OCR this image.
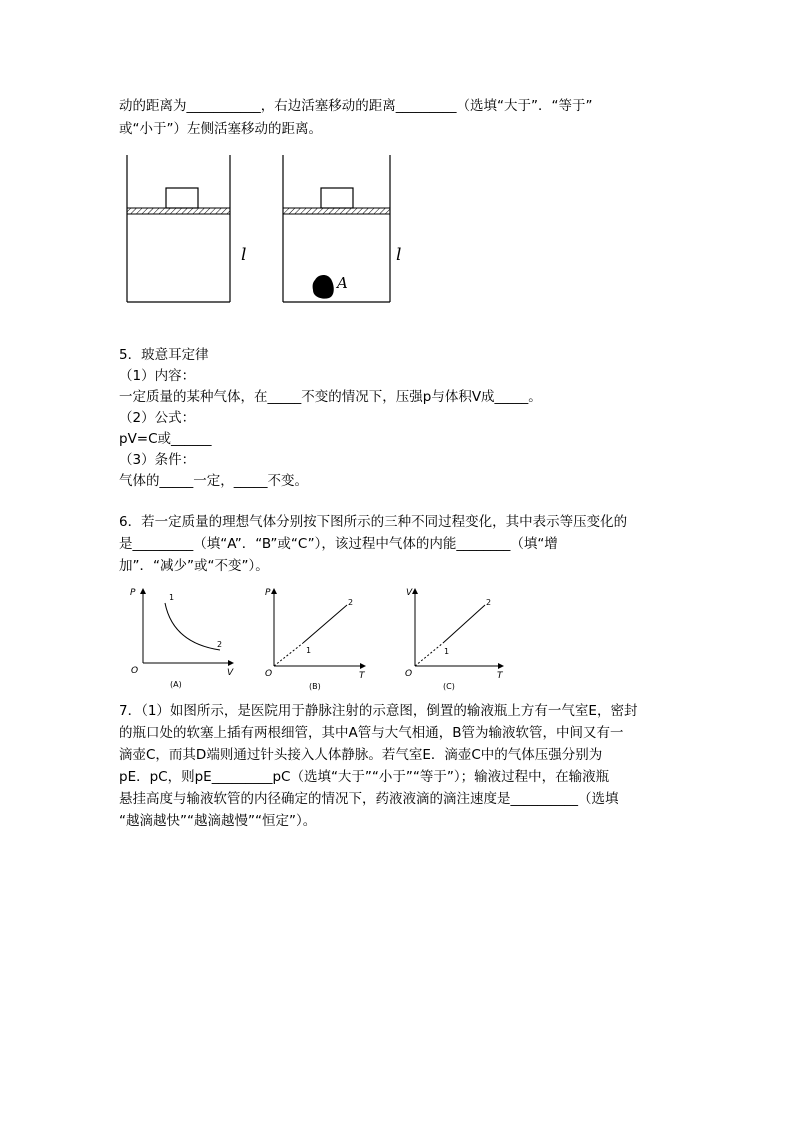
动的距离为___________，右边活塞移动的距离_________（选填“大于”．“等于”
或“小于”）左侧活塞移动的距离。
l	l
A
5．玻意耳定律
（1）内容：
一定质量的某种气体，在_____不变的情况下，压强p与体积V成_____。
（2）公式：
pV=C或______
（3）条件：
气体的_____一定，_____不变。
6．若一定质量的理想气体分别按下图所示的三种不同过程变化，其中表示等压变化的
是_________（填“A”．“B”或“C”），该过程中气体的内能________（填“增
加”．“减少”或“不变”）。
P
V
O
1
2
(A)
P
T
O
1
2
(B)
V
T
O
1
2
(C)
7．（1）如图所示，是医院用于静脉注射的示意图，倒置的输液瓶上方有一气室E，密封
的瓶口处的软塞上插有两根细管，其中A管与大气相通，B管为输液软管，中间又有一
滴壶C，而其D端则通过针头接入人体静脉。若气室E．滴壶C中的气体压强分别为
pE．pC，则pE_________pC（选填“大于”“小于”“等于”）；输液过程中，在输液瓶
悬挂高度与输液软管的内径确定的情况下，药液液滴的滴注速度是__________（选填
“越滴越快”“越滴越慢”“恒定”）。
